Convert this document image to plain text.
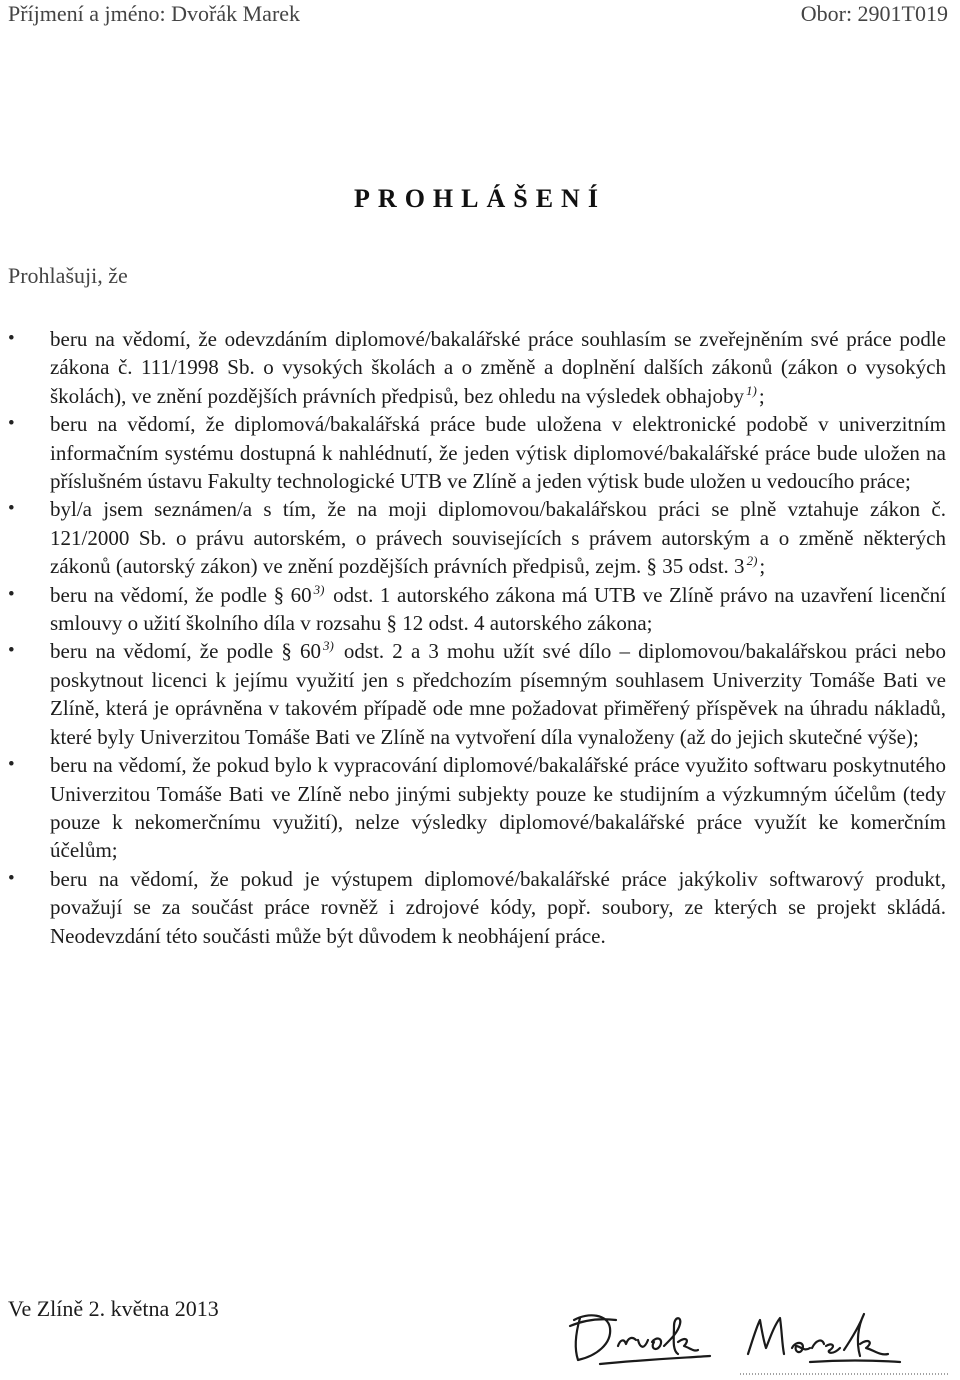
Příjmení a jméno: Dvořák Marek	Obor: 2901T019
PROHLÁŠENÍ
Prohlašuji, že
• beru na vědomí, že odevzdáním diplomové/bakalářské práce souhlasím se zveřejněním své práce podle zákona č. 111/1998 Sb. o vysokých školách a o změně a doplnění dalších zákonů (zákon o vysokých školách), ve znění pozdějších právních předpisů, bez ohledu na výsledek obhajoby $^{1)}$;
• beru na vědomí, že diplomová/bakalářská práce bude uložena v elektronické podobě v univerzitním informačním systému dostupná k nahlédnutí, že jeden výtisk diplomové/bakalářské práce bude uložen na příslušném ústavu Fakulty technologické UTB ve Zlíně a jeden výtisk bude uložen u vedoucího práce;
• byl/a jsem seznámen/a s tím, že na moji diplomovou/bakalářskou práci se plně vztahuje zákon č. 121/2000 Sb. o právu autorském, o právech souvisejících s právem autorským a o změně některých zákonů (autorský zákon) ve znění pozdějších právních předpisů, zejm. § 35 odst. 3 $^{2)}$;
• beru na vědomí, že podle § 60 $^{3)}$ odst. 1 autorského zákona má UTB ve Zlíně právo na uzavření licenční smlouvy o užití školního díla v rozsahu § 12 odst. 4 autorského zákona;
• beru na vědomí, že podle § 60 $^{3)}$ odst. 2 a 3 mohu užít své dílo – diplomovou/bakalářskou práci nebo poskytnout licenci k jejímu využití jen s předchozím písemným souhlasem Univerzity Tomáše Bati ve Zlíně, která je oprávněna v takovém případě ode mne požadovat přiměřený příspěvek na úhradu nákladů, které byly Univerzitou Tomáše Bati ve Zlíně na vytvoření díla vynaloženy (až do jejich skutečné výše);
• beru na vědomí, že pokud bylo k vypracování diplomové/bakalářské práce využito softwaru poskytnutého Univerzitou Tomáše Bati ve Zlíně nebo jinými subjekty pouze ke studijním a výzkumným účelům (tedy pouze k nekomerčnímu využití), nelze výsledky diplomové/bakalářské práce využít ke komerčním účelům;
• beru na vědomí, že pokud je výstupem diplomové/bakalářské práce jakýkoliv softwarový produkt, považují se za součást práce rovněž i zdrojové kódy, popř. soubory, ze kterých se projekt skládá. Neodevzdání této součásti může být důvodem k neobhájení práce.
Ve Zlíně 2. května 2013
